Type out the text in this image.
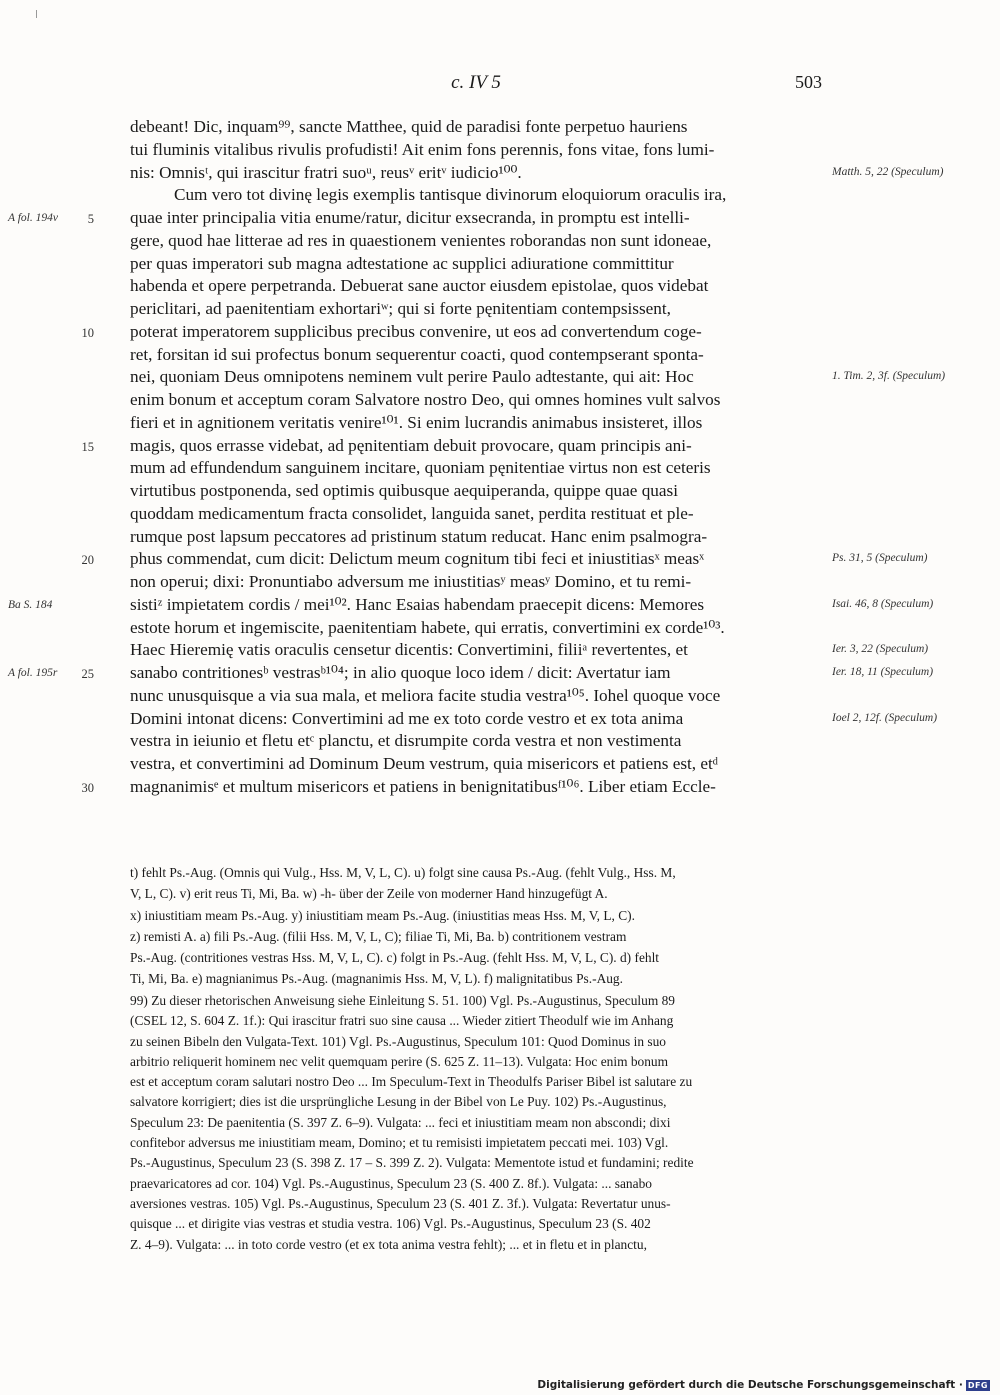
c. IV 5	503
debeant! Dic, inquam⁹⁹, sancte Matthee, quid de paradisi fonte perpetuo hauriens
tui fluminis vitalibus rivulis profudisti! Ait enim fons perennis, fons vitae, fons lumi-
nis: Omnisᵗ, qui irascitur fratri suoᵘ, reusᵛ eritᵛ iudicio¹⁰⁰.
Cum vero tot divinę legis exemplis tantisque divinorum eloquiorum oraculis ira,
quae inter principalia vitia enume/ratur, dicitur exsecranda, in promptu est intelli-
gere, quod hae litterae ad res in quaestionem venientes roborandas non sunt idoneae,
per quas imperatori sub magna adtestatione ac supplici adiuratione committitur
habenda et opere perpetranda. Debuerat sane auctor eiusdem epistolae, quos videbat
periclitari, ad paenitentiam exhortariʷ; qui si forte pęnitentiam contempsissent,
poterat imperatorem supplicibus precibus convenire, ut eos ad convertendum coge-
ret, forsitan id sui profectus bonum sequerentur coacti, quod contempserant sponta-
nei, quoniam Deus omnipotens neminem vult perire Paulo adtestante, qui ait: Hoc
enim bonum et acceptum coram Salvatore nostro Deo, qui omnes homines vult salvos
fieri et in agnitionem veritatis venire¹⁰¹. Si enim lucrandis animabus insisteret, illos
magis, quos errasse videbat, ad pęnitentiam debuit provocare, quam principis ani-
mum ad effundendum sanguinem incitare, quoniam pęnitentiae virtus non est ceteris
virtutibus postponenda, sed optimis quibusque aequiperanda, quippe quae quasi
quoddam medicamentum fracta consolidet, languida sanet, perdita restituat et ple-
rumque post lapsum peccatores ad pristinum statum reducat. Hanc enim psalmogra-
phus commendat, cum dicit: Delictum meum cognitum tibi feci et iniustitiasˣ measˣ
non operui; dixi: Pronuntiabo adversum me iniustitiasʸ measʸ Domino, et tu remi-
sistiᶻ impietatem cordis / mei¹⁰². Hanc Esaias habendam praecepit dicens: Memores
estote horum et ingemiscite, paenitentiam habete, qui erratis, convertimini ex corde¹⁰³.
Haec Hieremię vatis oraculis censetur dicentis: Convertimini, filiiᵃ revertentes, et
sanabo contritionesᵇ vestrasᵇ¹⁰⁴; in alio quoque loco idem / dicit: Avertatur iam
nunc unusquisque a via sua mala, et meliora facite studia vestra¹⁰⁵. Iohel quoque voce
Domini intonat dicens: Convertimini ad me ex toto corde vestro et ex tota anima
vestra in ieiunio et fletu etᶜ planctu, et disrumpite corda vestra et non vestimenta
vestra, et convertimini ad Dominum Deum vestrum, quia misericors et patiens est, etᵈ
magnanimisᵉ et multum misericors et patiens in benignitatibusᶠ¹⁰⁶. Liber etiam Eccle-
5
10
15
20
25
30
A fol. 194v
Ba S. 184
A fol. 195r
Matth. 5, 22 (Speculum)
1. Tim. 2, 3f. (Speculum)
Ps. 31, 5 (Speculum)
Isai. 46, 8 (Speculum)
Ier. 3, 22 (Speculum)
Ier. 18, 11 (Speculum)
Ioel 2, 12f. (Speculum)
t) fehlt Ps.-Aug. (Omnis qui Vulg., Hss. M, V, L, C). u) folgt sine causa Ps.-Aug. (fehlt Vulg., Hss. M,
V, L, C). v) erit reus Ti, Mi, Ba. w) -h- über der Zeile von moderner Hand hinzugefügt A.
x) iniustitiam meam Ps.-Aug. y) iniustitiam meam Ps.-Aug. (iniustitias meas Hss. M, V, L, C).
z) remisti A. a) fili Ps.-Aug. (filii Hss. M, V, L, C); filiae Ti, Mi, Ba. b) contritionem vestram
Ps.-Aug. (contritiones vestras Hss. M, V, L, C). c) folgt in Ps.-Aug. (fehlt Hss. M, V, L, C). d) fehlt
Ti, Mi, Ba. e) magnianimus Ps.-Aug. (magnanimis Hss. M, V, L). f) malignitatibus Ps.-Aug.
99) Zu dieser rhetorischen Anweisung siehe Einleitung S. 51. 100) Vgl. Ps.-Augustinus, Speculum 89
(CSEL 12, S. 604 Z. 1f.): Qui irascitur fratri suo sine causa ... Wieder zitiert Theodulf wie im Anhang
zu seinen Bibeln den Vulgata-Text. 101) Vgl. Ps.-Augustinus, Speculum 101: Quod Dominus in suo
arbitrio reliquerit hominem nec velit quemquam perire (S. 625 Z. 11–13). Vulgata: Hoc enim bonum
est et acceptum coram salutari nostro Deo ... Im Speculum-Text in Theodulfs Pariser Bibel ist salutare zu
salvatore korrigiert; dies ist die ursprüngliche Lesung in der Bibel von Le Puy. 102) Ps.-Augustinus,
Speculum 23: De paenitentia (S. 397 Z. 6–9). Vulgata: ... feci et iniustitiam meam non abscondi; dixi
confitebor adversus me iniustitiam meam, Domino; et tu remisisti impietatem peccati mei. 103) Vgl.
Ps.-Augustinus, Speculum 23 (S. 398 Z. 17 – S. 399 Z. 2). Vulgata: Mementote istud et fundamini; redite
praevaricatores ad cor. 104) Vgl. Ps.-Augustinus, Speculum 23 (S. 400 Z. 8f.). Vulgata: ... sanabo
aversiones vestras. 105) Vgl. Ps.-Augustinus, Speculum 23 (S. 401 Z. 3f.). Vulgata: Revertatur unus-
quisque ... et dirigite vias vestras et studia vestra. 106) Vgl. Ps.-Augustinus, Speculum 23 (S. 402
Z. 4–9). Vulgata: ... in toto corde vestro (et ex tota anima vestra fehlt); ... et in fletu et in planctu,
Digitalisierung gefördert durch die Deutsche Forschungsgemeinschaft · DFG
